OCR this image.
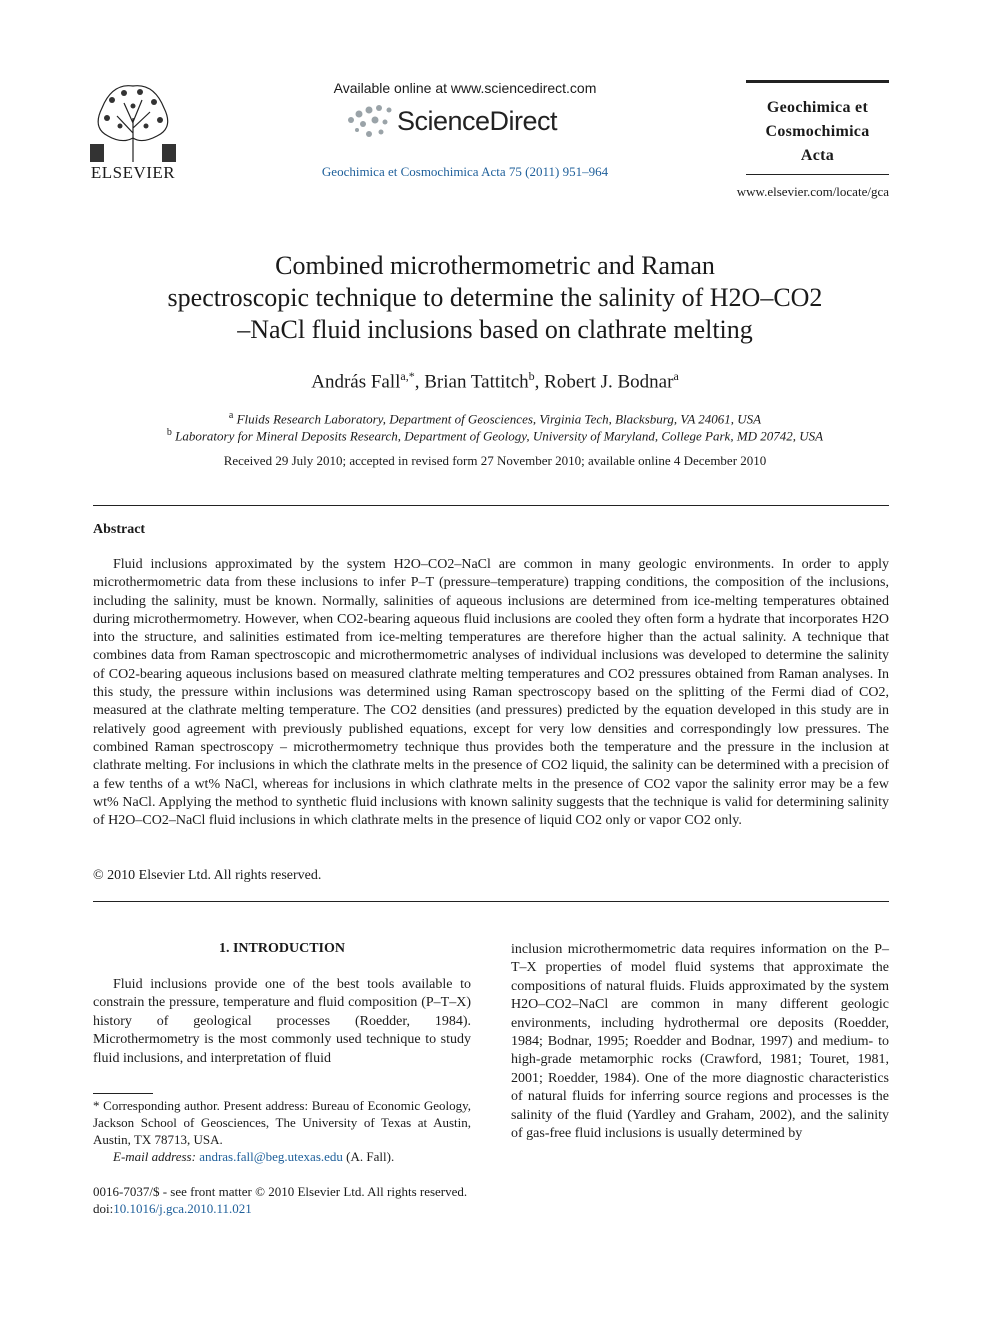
ELSEVIER
Available online at www.sciencedirect.com
ScienceDirect
Geochimica et Cosmochimica Acta 75 (2011) 951–964
Geochimica et
Cosmochimica
Acta
www.elsevier.com/locate/gca
Combined microthermometric and Raman
spectroscopic technique to determine the salinity of H2O–CO2
–NaCl fluid inclusions based on clathrate melting
András Fall$^{a,*}$, Brian Tattitch$^b$, Robert J. Bodnar$^a$
$^a$ Fluids Research Laboratory, Department of Geosciences, Virginia Tech, Blacksburg, VA 24061, USA
$^b$ Laboratory for Mineral Deposits Research, Department of Geology, University of Maryland, College Park, MD 20742, USA
Received 29 July 2010; accepted in revised form 27 November 2010; available online 4 December 2010
Abstract

Fluid inclusions approximated by the system H2O–CO2–NaCl are common in many geologic environments. In order to apply microthermometric data from these inclusions to infer P–T (pressure–temperature) trapping conditions, the composition of the inclusions, including the salinity, must be known. Normally, salinities of aqueous inclusions are determined from ice-melting temperatures obtained during microthermometry. However, when CO2-bearing aqueous fluid inclusions are cooled they often form a hydrate that incorporates H2O into the structure, and salinities estimated from ice-melting temperatures are therefore higher than the actual salinity. A technique that combines data from Raman spectroscopic and microthermometric analyses of individual inclusions was developed to determine the salinity of CO2-bearing aqueous inclusions based on measured clathrate melting temperatures and CO2 pressures obtained from Raman analyses. In this study, the pressure within inclusions was determined using Raman spectroscopy based on the splitting of the Fermi diad of CO2, measured at the clathrate melting temperature. The CO2 densities (and pressures) predicted by the equation developed in this study are in relatively good agreement with previously published equations, except for very low densities and correspondingly low pressures. The combined Raman spectroscopy – microthermometry technique thus provides both the temperature and the pressure in the inclusion at clathrate melting. For inclusions in which the clathrate melts in the presence of CO2 liquid, the salinity can be determined with a precision of a few tenths of a wt% NaCl, whereas for inclusions in which clathrate melts in the presence of CO2 vapor the salinity error may be a few wt% NaCl. Applying the method to synthetic fluid inclusions with known salinity suggests that the technique is valid for determining salinity of H2O–CO2–NaCl fluid inclusions in which clathrate melts in the presence of liquid CO2 only or vapor CO2 only.

© 2010 Elsevier Ltd. All rights reserved.
1. INTRODUCTION

Fluid inclusions provide one of the best tools available to constrain the pressure, temperature and fluid composition (P–T–X) history of geological processes (Roedder, 1984). Microthermometry is the most commonly used technique to study fluid inclusions, and interpretation of fluid

inclusion microthermometric data requires information on the P–T–X properties of model fluid systems that approximate the compositions of natural fluids. Fluids approximated by the system H2O–CO2–NaCl are common in many different geologic environments, including hydrothermal ore deposits (Roedder, 1984; Bodnar, 1995; Roedder and Bodnar, 1997) and medium- to high-grade metamorphic rocks (Crawford, 1981; Touret, 1981, 2001; Roedder, 1984). One of the more diagnostic characteristics of natural fluids for inferring source regions and processes is the salinity of the fluid (Yardley and Graham, 2002), and the salinity of gas-free fluid inclusions is usually determined by

* Corresponding author. Present address: Bureau of Economic Geology, Jackson School of Geosciences, The University of Texas at Austin, Austin, TX 78713, USA.

E-mail address: andras.fall@beg.utexas.edu (A. Fall).

0016-7037/$ - see front matter © 2010 Elsevier Ltd. All rights reserved.
doi:10.1016/j.gca.2010.11.021
